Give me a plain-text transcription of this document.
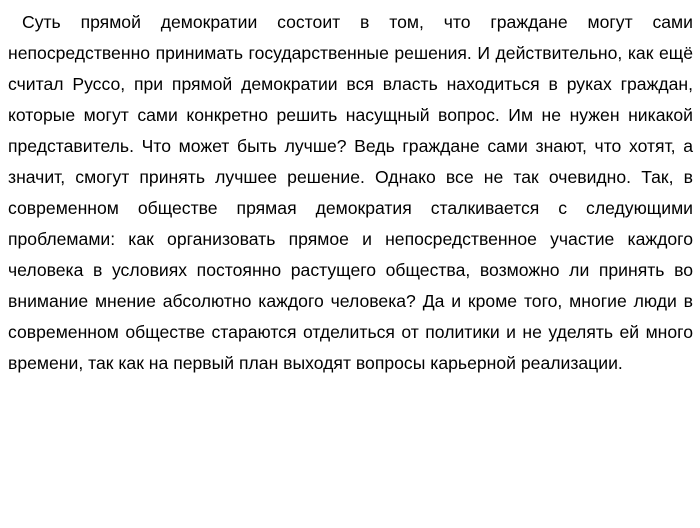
Суть прямой демократии состоит в том, что граждане могут сами непосредственно принимать государственные решения. И действительно, как ещё считал Руссо, при прямой демократии вся власть находиться в руках граждан, которые могут сами конкретно решить насущный вопрос. Им не нужен никакой представитель. Что может быть лучше? Ведь граждане сами знают, что хотят, а значит, смогут принять лучшее решение. Однако все не так очевидно. Так, в современном обществе прямая демократия сталкивается с следующими проблемами: как организовать прямое и непосредственное участие каждого человека в условиях постоянно растущего общества, возможно ли принять во внимание мнение абсолютно каждого человека? Да и кроме того, многие люди в современном обществе стараются отделиться от политики и не уделять ей много времени, так как на первый план выходят вопросы карьерной реализации.
